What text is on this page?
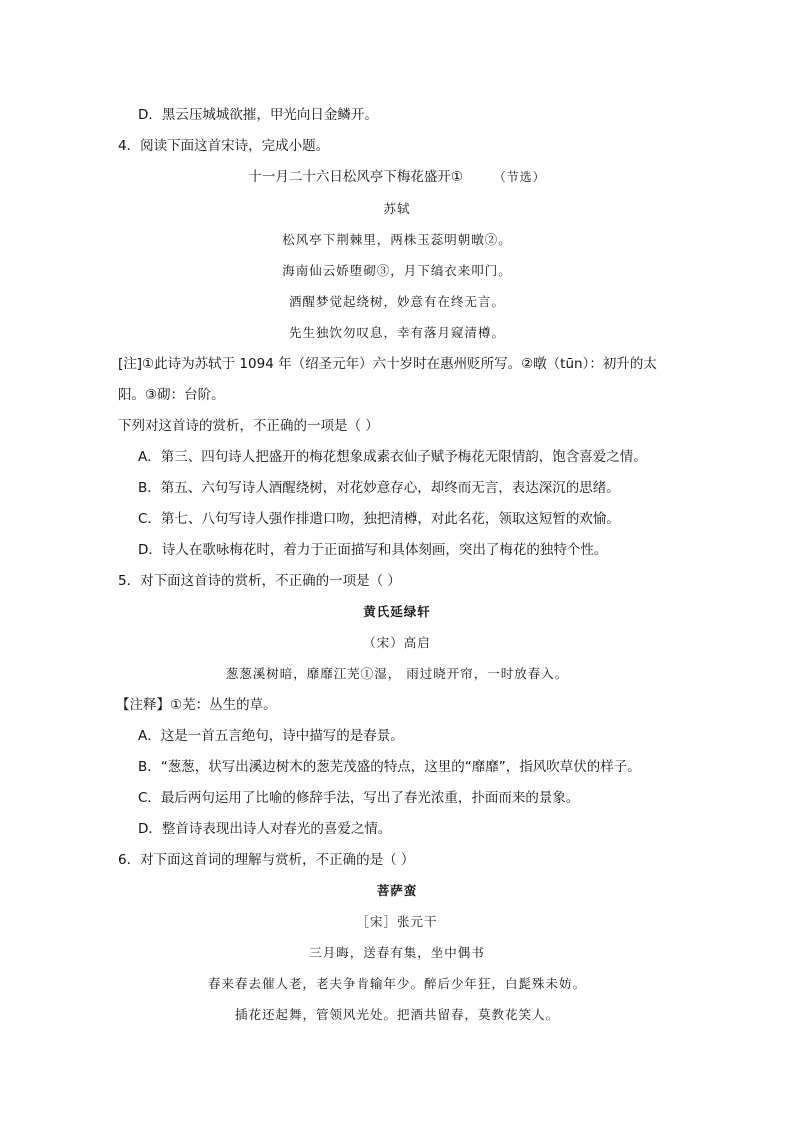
D．黑云压城城欲摧，甲光向日金鳞开。
4．阅读下面这首宋诗，完成小题。
十一月二十六日松风亭下梅花盛开①	（节选）
苏轼
松风亭下荆棘里，两株玉蕊明朝暾②。
海南仙云娇堕砌③，月下缟衣来叩门。
酒醒梦觉起绕树，妙意有在终无言。
先生独饮勿叹息，幸有落月窥清樽。
[注]①此诗为苏轼于 1094 年（绍圣元年）六十岁时在惠州贬所写。②暾（tūn）：初升的太
阳。③砌：台阶。
下列对这首诗的赏析，不正确的一项是（ ）
A．第三、四句诗人把盛开的梅花想象成素衣仙子赋予梅花无限情韵，饱含喜爱之情。
B．第五、六句写诗人酒醒绕树，对花妙意存心，却终而无言，表达深沉的思绪。
C．第七、八句写诗人强作排遣口吻，独把清樽，对此名花，领取这短暂的欢愉。
D．诗人在歌咏梅花时，着力于正面描写和具体刻画，突出了梅花的独特个性。
5．对下面这首诗的赏析，不正确的一项是（ ）
黄氏延绿轩
（宋）高启
葱葱溪树暗，靡靡江芜①湿， 雨过晓开帘，一时放春入。
【注释】①芜：丛生的草。
A．这是一首五言绝句，诗中描写的是春景。
B．“葱葱，状写出溪边树木的葱芜茂盛的特点，这里的“靡靡”，指风吹草伏的样子。
C．最后两句运用了比喻的修辞手法，写出了春光浓重，扑面而来的景象。
D．整首诗表现出诗人对春光的喜爱之情。
6．对下面这首词的理解与赏析，不正确的是（ ）
菩萨蛮
［宋］张元干
三月晦，送春有集，坐中偶书
春来春去催人老，老夫争肯输年少。醉后少年狂，白髭殊未妨。
插花还起舞，管领风光处。把酒共留春，莫教花笑人。
